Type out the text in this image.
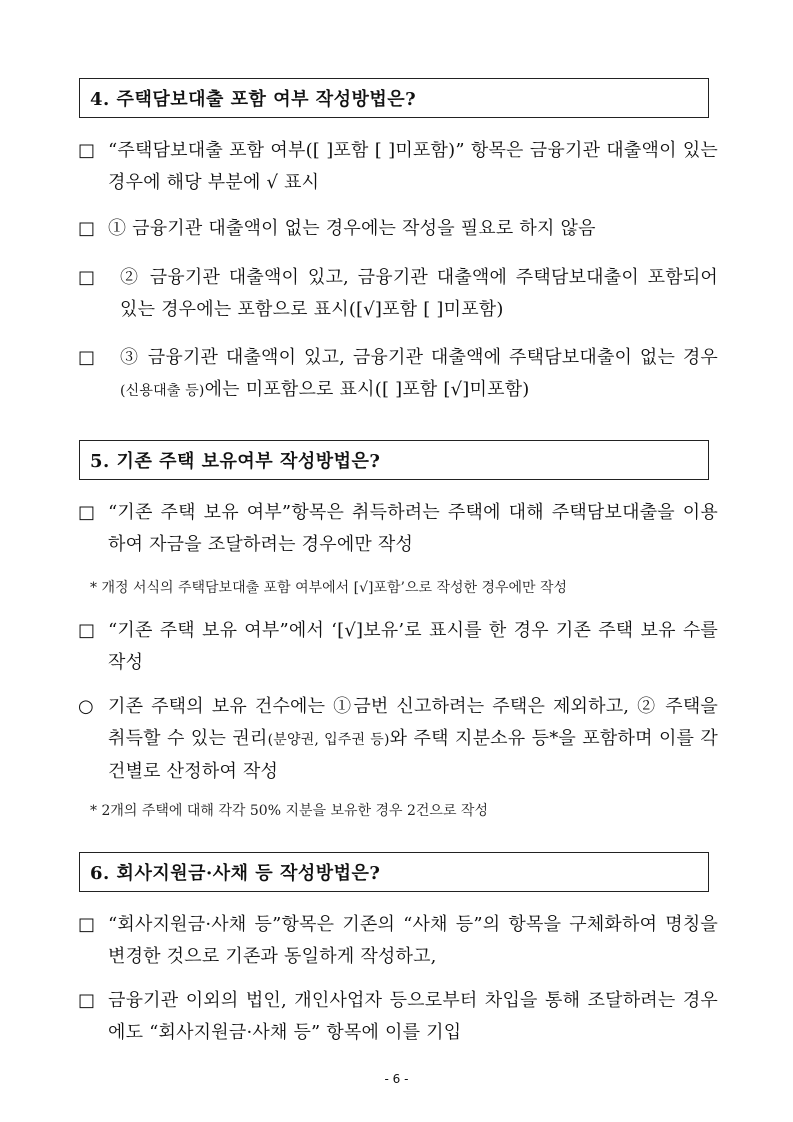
4. 주택담보대출 포함 여부 작성방법은?
□ “주택담보대출 포함 여부([ ]포함 [ ]미포함)” 항목은 금융기관 대출액이 있는 경우에 해당 부분에 √ 표시
□ ① 금융기관 대출액이 없는 경우에는 작성을 필요로 하지 않음
□	② 금융기관 대출액이 있고, 금융기관 대출액에 주택담보대출이 포함되어 있는 경우에는 포함으로 표시([√]포함 [ ]미포함)
□	③ 금융기관 대출액이 있고, 금융기관 대출액에 주택담보대출이 없는 경우(신용대출 등)에는 미포함으로 표시([ ]포함 [√]미포함)
5. 기존 주택 보유여부 작성방법은?
□ “기존 주택 보유 여부”항목은 취득하려는 주택에 대해 주택담보대출을 이용하여 자금을 조달하려는 경우에만 작성
* 개정 서식의 주택담보대출 포함 여부에서 [√]포함’으로 작성한 경우에만 작성
□ “기존 주택 보유 여부”에서 ‘[√]보유’로 표시를 한 경우 기존 주택 보유 수를 작성
○ 기존 주택의 보유 건수에는 ①금번 신고하려는 주택은 제외하고, ② 주택을 취득할 수 있는 권리(분양권, 입주권 등)와 주택 지분소유 등*을 포함하며 이를 각 건별로 산정하여 작성
* 2개의 주택에 대해 각각 50% 지분을 보유한 경우 2건으로 작성
6. 회사지원금·사채 등 작성방법은?
□ “회사지원금·사채 등”항목은 기존의 “사채 등”의 항목을 구체화하여 명칭을 변경한 것으로 기존과 동일하게 작성하고,
□ 금융기관 이외의 법인, 개인사업자 등으로부터 차입을 통해 조달하려는 경우에도 “회사지원금·사채 등” 항목에 이를 기입
- 6 -
